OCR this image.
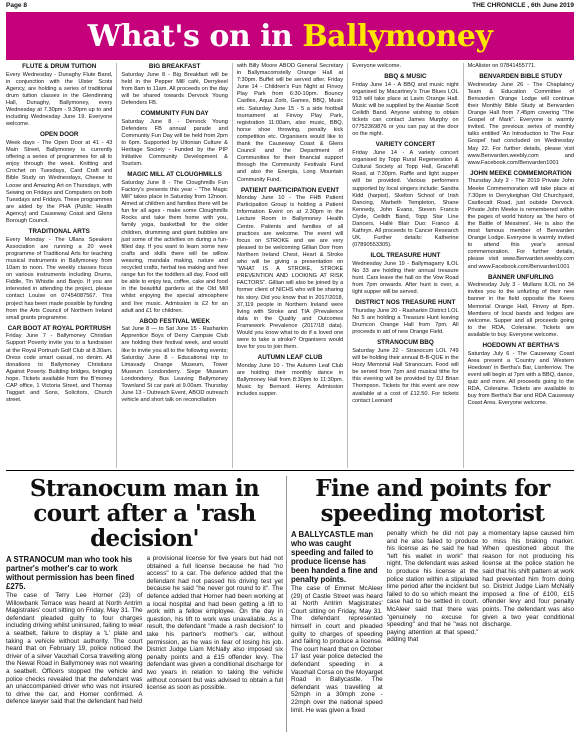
Page 8	THE CHRONICLE , 6th June 2019
What's on in Ballymoney
FLUTE & DRUM TUITION

Every Wednesday - Dunaghy Flute Band, in conjunction with the Ulster Scots Agency, are holding a series of traditional drum tuition classes in the Glendinning Hall, Dunaghy, Ballymoney, every Wednesday at 7.30pm - 9.30pm up to and including Wednesday June 19. Everyone welcome.

OPEN DOOR

Week days - The Open Door at 41 - 43 Main Street, Ballymoney is currently offering a series of programmes for all to enjoy through the week. Knitting and Crochet on Tuesdays, Card Craft and Bible Study on Wednesdays, Cheese to Loose and Amazing Art on Thursdays, with Sewing on Fridays and Computers on both Tuesdays and Fridays. These programmes are aided by the PHA (Public Health Agency) and Causeway Coast and Glens Borough Council.

TRADITIONAL ARTS

Every Monday - The Ullans Speakers Association are running a 20 week programme of Traditional Arts for teaching musical instruments in Ballymoney from 10am to noon. The weekly classes focus on various instruments including Drums, Fiddle, Tin Whistle and Banjo. If you are interested in attending the project, please contact Louise on 07454087567. This project has been made possible by funding from the Arts Council of Northern Ireland small grants programme.

CAR BOOT AT ROYAL PORTRUSH

Friday June 7 - Ballymoney Christian Support Poverty invite you to a fundraiser at the Royal Portrush Golf Club at 8.30am. Dress code smart casual, no denim. All donations to Ballymoney Christians Against Poverty. Building bridges, bringing hope. Tickets available from the B'money CAP office, 1 Victoria Street, and Thomas Taggart and Sons, Solicitors, Church street.

BIG BREAKFAST

Saturday June 8 - Big Breakfast will be held in the Pepper Mill café, Derrykeel from 8am to 11am. All proceeds on the day will be shared towards Dervock Young Defenders FB.

COMMUNITY FUN DAY

Saturday June 8 - Dervock Young Defenders FB annual parade and Community Fun Day will be held from 2pm to 6pm. Supported by Ultonian Culture & Heritage Society - Funded by the PIP Initiative Community Development & Tourism.

MAGIC MILL AT CLOUGHMILLS

Saturday June 8 - The Cloughmills Fun Factory's presents this year - "The Magic Mill" takes place in Saturday from 12noon. Aimed at children and families there will be fun for all ages - make some Cloughmills Rocks and take them home with you, family yoga, basketball for the older children, drumming and giant bubbles are just some of the activities on during a fun-filled day. If you want to learn some new crafts and skills there will be willow weaving, mandala making, nature and recycled crafts, herbal tea making and free range fun for the toddlers all day. Food will be able to enjoy tea, coffee, cake and food in the beautiful gardens at the Old Mill whilst enjoying the special atmosphere and live music. Admission is £2 for an adult and £1 for children.

ABOD FESTIVAL WEEK

Sat June 8 — to Sat June 15 - Rasharkin Apprentice Boys of Derry Campsie Club are holding their festival week, and would like to invite you all to the following events; Saturday June 8 - Educational trip to Limavady Orange Museum, Tower Museum Londonderry. Siege Museum Londonderry. Bus Leaving Ballymoney Townland St car park at 9.00am. Thursday June 13 - Outreach Event, ABOD outreach vehicle and short talk on reconciliation

with Billy Moore ABOD General Secretary in Ballymacomstelly Orange Hall at 7:30pm. Buffet will be served after. Friday June 14 - Children's Fun Night at Finvoy Play Park from 6:30-10pm. Bouncy Castles, Aqua Zorb, Games, BBQ, Music etc. Saturday June 15 - 5 a side football tournament at Finvoy Play Park, registration 11:00am, also music, BBQ, horse shoe throwing, penalty kick competition etc. Organisers would like to thank the Causeway Coast & Glens Council and the Department of Communities for their financial support through the Community Festivals Fund and also the Energia, Long Mountain Community Fund.

PATIENT PARTICIPATION EVENT

Monday June 10 - The FHB Patient Participation Group is holding a Patient Information Event on at 2.30pm in the Lecture Room in Ballymoney Health Centre. Patients and families of all practices are welcome. The event will focus on STROKE and we are very pleased to be welcoming Gillian Dorr from Northern Ireland Chest, Heart & Stroke who will be giving a presentation on "WHAT IS A STROKE, STROKE PREVENTION AND LOOKING AT RISK FACTORS". Gillian will also be joined by a former client of NICHS who will be sharing his story. Did you know that in 2017/2018, 37,119 people in Northern Ireland were living with Stroke and TIA (Prevalence data in the Quality and Outcomes Framework Prevalence (2017/18 data). Would you know what to do if a loved one were to take a stroke? Organisers would love for you to join them.

AUTUMN LEAF CLUB

Monday June 10 - The Autumn Leaf Club are holding their monthly dance in Ballymoney Hall from 8:30pm to 11:30pm. Music by Bernard Henry. Admission includes supper.

Everyone welcome.

BBQ & MUSIC

Friday June 14 - A BBQ and music night organised by Macartney's True Blues LOL 913 will take place at Lavin Orange Hall. Music will be supplied by the Alastair Scott Ceilidh Band. Anyone wishing to obtain tickets can contact James Murphy on 07752369876 or you can pay at the door on the night.

VARIETY CONCERT

Friday June 14 - A variety concert organised by Topp Rural Regeneration & Cultural Society at Topp Hall, Gracehill Road, at 7:30pm. Raffle and light supper will be provided. Various performers supported by local singers include; Sandra Kidd (harpist), Skelton School of Irish Dancing, Marbeth Templeton, Shane Kennedy, John Evans, Steven Francis Clyde, Ceilidh Band, Topp Star Line Dancers, Hallé Blair Duo: Franco & Kathryn. All proceeds to Cancer Research UK. Further details: Katherine (07890553305).

ILOL TREASURE HUNT

Wednesday June 19 - Ballymagarry ILOL No 33 are holding their annual treasure hunt. Cars leave the hall on the Vow Road from 7pm onwards. After hunt is over, a light supper will be served.

DISTRICT NOS TREASURE HUNT

Thursday June 20 - Rasharkin District LOL No 5 are holding a Treasure Hunt leaving Drumcon Orange Hall from 7pm. All proceeds in aid of new Orange Field.

STRANOCUM BBQ

Saturday June 22 - Stranocum LOL 749 will be holding their annual B-B-QUE in the Hozy Memorial Hall Stranocum. Food will be served from 7pm and musical tithe for this evening will be provided by DJ Brian Thompson. Tickets for this event are now available at a cost of £12.50. For tickets contact Leonard

McAlister on 07841455771.

BENVARDEN BIBLE STUDY

Wednesday June 26 - The Chaplaincy Team & Education Committee of Benvarden Orange Lodge will continue their Monthly Bible Study at Benvarden Orange Hall from 7.45pm covering "The Gospel of Mark". Everyone is warmly invited. The previous series of monthly talks entitled 'An Introduction to The Four Gospel' had concluded on Wednesday May 22. For further details, please visit www.Benvarden.weebly.com and www.Facebook.com/Benvarden1001

JOHN MEEKE COMMEMORATION

Thursday July 2 - The 2019 Private John Meeke Commemoration will take place at 7.30pm in Derrykeighan Old Churchyard, Castlecatt Road, just outside Dervock. Private John Meeke is remembered within the pages of world history as 'the hero of the Battle of Messines'. He is also the most famous member of Benvarden Orange Lodge. Everyone is warmly invited to attend this year's annual commemoration. For further details, please visit www.Benvarden.weebly.com and www.Facebook.com/Benvarden1001

BANNER UNFURLING

Wednesday July 3 - Mullans ILOL no 34 invites you to the unfurling of their new banner in the field opposite the Keers Memorial Orange Hall, Finvoy at 8pm. Members of local bands and lodges are welcome. Supper and all proceeds going to the RDA, Coleraine. Tickets are available to buy. Everyone welcome.

HOEDOWN AT BERTHA'S

Saturday July 6 - The Causeway Coast Area present a 'Country and Western Hoedown' in Bertha's Bar, Lisnferriow. The event will begin at 7pm with a BBQ, dance, quiz and more. All proceeds going to the RDA, Coleraine. Tickets are available to buy from Bertha's Bar and RDA Causeway Coast Area. Everyone welcome.

Stranocum man in court after a 'rash decision'

A STRANOCUM man who took his partner's mother's car to work without permission has been fined £275.

The case of Terry Lee Horner (23) of Willowbank Terrace was heard at North Antrim Magistrates' court sitting on Friday, May 31. The defendant pleaded guilty to four charges including driving whilst uninsured, failing to wear a seatbelt, failure to display a 'L' plate and taking a vehicle without authority. The court heard that on February 19, police noticed the driver of a silver Vauxhall Corsa travelling along the Newal Road in Ballymoney was not wearing a seatbelt. Officers stopped the vehicle and police checks revealed that the defendant was an unaccompanied driver who was not insured to drive the car, and Horner confirmed. A defence lawyer said that the defendant had held

a provisional license for five years but had not obtained a full license because he had "no access" to a car. The defence added that the defendant had not passed his driving test yet because he said "he never got round to it". The defence added that Horner had been working at a local hospital and had been getting a lift to work with a fellow employee. On the day in question, his lift to work was unavailable. As a result, the defendant "made a rash decision" to take his partner's mother's car, without permission, as he was in fear of losing his job. District Judge Liam McNally also imposed six penalty points and a £15 offender levy. The defendant was given a conditional discharge for two years in relation to taking the vehicle without consent but was advised to obtain a full license as soon as possible.

Fine and points for speeding motorist

A BALLYCASTLE man who was caught speeding and failed to produce license has been handed a fine and penalty points.

The case of Emmet McAleer (29) of Castle Street was heard at North Antrim Magistrates' Court sitting on Friday, May 31. The defendant represented himself in court and pleaded guilty to charges of speeding and failing to produce a license. The court heard that on October 17 last year police detected the defendant speeding in a Vauxhall Corsa on the Moyarget Road in Ballycastle. The defendant was travelling at 52mph in a 30mph zone - 22mph over the national speed limit. He was given a fixed

penalty which he did not pay and he also failed to produce his license as he said he had "left his wallet in work" that night. The defendant was asked to produce his license at the police station within a stipulated time period after the incident but failed to do so which meant the case had to be settled in court. McAleer said that there was "genuinely no excuse for speeding" and that he "was not paying attention at that speed," adding that

a momentary lapse caused him to miss his braking marker. When questioned about the reason for not producing his license at the police station he said that his shift pattern at work had prevented him from doing so. District Judge Liam McNally imposed a fine of £100, £15 offender levy and four penalty points. The defendant was also given a two year conditional discharge.
